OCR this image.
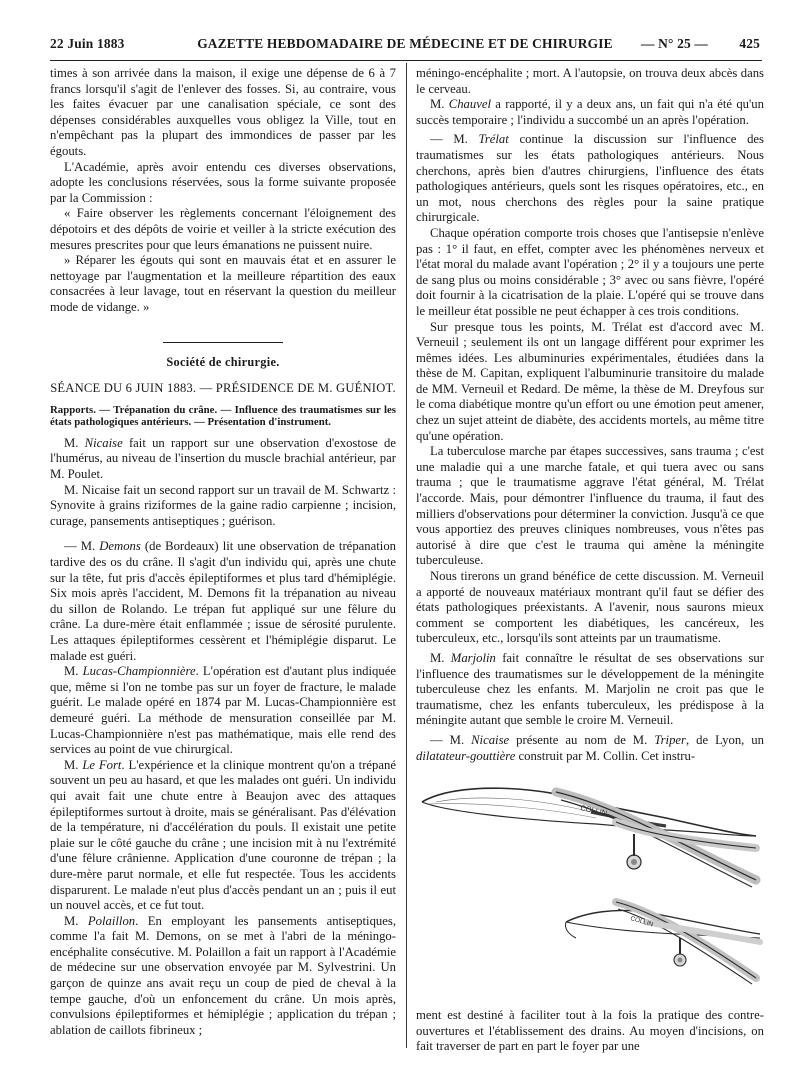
22 Juin 1883	GAZETTE HEBDOMADAIRE DE MÉDECINE ET DE CHIRURGIE	— N° 25 — 425

times à son arrivée dans la maison, il exige une dépense de 6 à 7 francs lorsqu'il s'agit de l'enlever des fosses. Si, au contraire, vous les faites évacuer par une canalisation spéciale, ce sont des dépenses considérables auxquelles vous obligez la Ville, tout en n'empêchant pas la plupart des immondices de passer par les égouts.

L'Académie, après avoir entendu ces diverses observations, adopte les conclusions réservées, sous la forme suivante proposée par la Commission :

« Faire observer les règlements concernant l'éloignement des dépotoirs et des dépôts de voirie et veiller à la stricte exécution des mesures prescrites pour que leurs émanations ne puissent nuire.

» Réparer les égouts qui sont en mauvais état et en assurer le nettoyage par l'augmentation et la meilleure répartition des eaux consacrées à leur lavage, tout en réservant la question du meilleur mode de vidange. »

Société de chirurgie.
SÉANCE DU 6 JUIN 1883. — PRÉSIDENCE DE M. GUÉNIOT.

Rapports. — Trépanation du crâne. — Influence des traumatismes sur les états pathologiques antérieurs. — Présentation d'instrument.

M. Nicaise fait un rapport sur une observation d'exostose de l'humérus, au niveau de l'insertion du muscle brachial antérieur, par M. Poulet.

M. Nicaise fait un second rapport sur un travail de M. Schwartz : Synovite à grains riziformes de la gaine radio carpienne ; incision, curage, pansements antiseptiques ; guérison.

— M. Demons (de Bordeaux) lit une observation de trépanation tardive des os du crâne. Il s'agit d'un individu qui, après une chute sur la tête, fut pris d'accès épileptiformes et plus tard d'hémiplégie. Six mois après l'accident, M. Demons fit la trépanation au niveau du sillon de Rolando. Le trépan fut appliqué sur une fêlure du crâne. La dure-mère était enflammée ; issue de sérosité purulente. Les attaques épileptiformes cessèrent et l'hémiplégie disparut. Le malade est guéri.

M. Lucas-Championnière. L'opération est d'autant plus indiquée que, même si l'on ne tombe pas sur un foyer de fracture, le malade guérit. Le malade opéré en 1874 par M. Lucas-Championnière est demeuré guéri. La méthode de mensuration conseillée par M. Lucas-Championnière n'est pas mathématique, mais elle rend des services au point de vue chirurgical.

M. Le Fort. L'expérience et la clinique montrent qu'on a trépané souvent un peu au hasard, et que les malades ont guéri. Un individu qui avait fait une chute entre à Beaujon avec des attaques épileptiformes surtout à droite, mais se généralisant. Pas d'élévation de la température, ni d'accélération du pouls. Il existait une petite plaie sur le côté gauche du crâne ; une incision mit à nu l'extrémité d'une fêlure crânienne. Application d'une couronne de trépan ; la dure-mère parut normale, et elle fut respectée. Tous les accidents disparurent. Le malade n'eut plus d'accès pendant un an ; puis il eut un nouvel accès, et ce fut tout.

M. Polaillon. En employant les pansements antiseptiques, comme l'a fait M. Demons, on se met à l'abri de la méningo-encéphalite consécutive. M. Polaillon a fait un rapport à l'Académie de médecine sur une observation envoyée par M. Sylvestrini. Un garçon de quinze ans avait reçu un coup de pied de cheval à la tempe gauche, d'où un enfoncement du crâne. Un mois après, convulsions épileptiformes et hémiplégie ; application du trépan ; ablation de caillots fibrineux ;

méningo-encéphalite ; mort. A l'autopsie, on trouva deux abcès dans le cerveau.

M. Chauvel a rapporté, il y a deux ans, un fait qui n'a été qu'un succès temporaire ; l'individu a succombé un an après l'opération.

— M. Trélat continue la discussion sur l'influence des traumatismes sur les états pathologiques antérieurs. Nous cherchons, après bien d'autres chirurgiens, l'influence des états pathologiques antérieurs, quels sont les risques opératoires, etc., en un mot, nous cherchons des règles pour la saine pratique chirurgicale.

Chaque opération comporte trois choses que l'antisepsie n'enlève pas : 1° il faut, en effet, compter avec les phénomènes nerveux et l'état moral du malade avant l'opération ; 2° il y a toujours une perte de sang plus ou moins considérable ; 3° avec ou sans fièvre, l'opéré doit fournir à la cicatrisation de la plaie. L'opéré qui se trouve dans le meilleur état possible ne peut échapper à ces trois conditions.

Sur presque tous les points, M. Trélat est d'accord avec M. Verneuil ; seulement ils ont un langage différent pour exprimer les mêmes idées. Les albuminuries expérimentales, étudiées dans la thèse de M. Capitan, expliquent l'albuminurie transitoire du malade de MM. Verneuil et Redard. De même, la thèse de M. Dreyfous sur le coma diabétique montre qu'un effort ou une émotion peut amener, chez un sujet atteint de diabète, des accidents mortels, au même titre qu'une opération.

La tuberculose marche par étapes successives, sans trauma ; c'est une maladie qui a une marche fatale, et qui tuera avec ou sans trauma ; que le traumatisme aggrave l'état général, M. Trélat l'accorde. Mais, pour démontrer l'influence du trauma, il faut des milliers d'observations pour déterminer la conviction. Jusqu'à ce que vous apportiez des preuves cliniques nombreuses, vous n'êtes pas autorisé à dire que c'est le trauma qui amène la méningite tuberculeuse.

Nous tirerons un grand bénéfice de cette discussion. M. Verneuil a apporté de nouveaux matériaux montrant qu'il faut se défier des états pathologiques préexistants. A l'avenir, nous saurons mieux comment se comportent les diabétiques, les cancéreux, les tuberculeux, etc., lorsqu'ils sont atteints par un traumatisme.

M. Marjolin fait connaître le résultat de ses observations sur l'influence des traumatismes sur le développement de la méningite tuberculeuse chez les enfants. M. Marjolin ne croit pas que le traumatisme, chez les enfants tuberculeux, les prédispose à la méningite autant que semble le croire M. Verneuil.

— M. Nicaise présente au nom de M. Triper, de Lyon, un dilatateur-gouttière construit par M. Collin. Cet instru-

COLLIN
COLLIN

ment est destiné à faciliter tout à la fois la pratique des contre-ouvertures et l'établissement des drains. Au moyen d'incisions, on fait traverser de part en part le foyer par une
